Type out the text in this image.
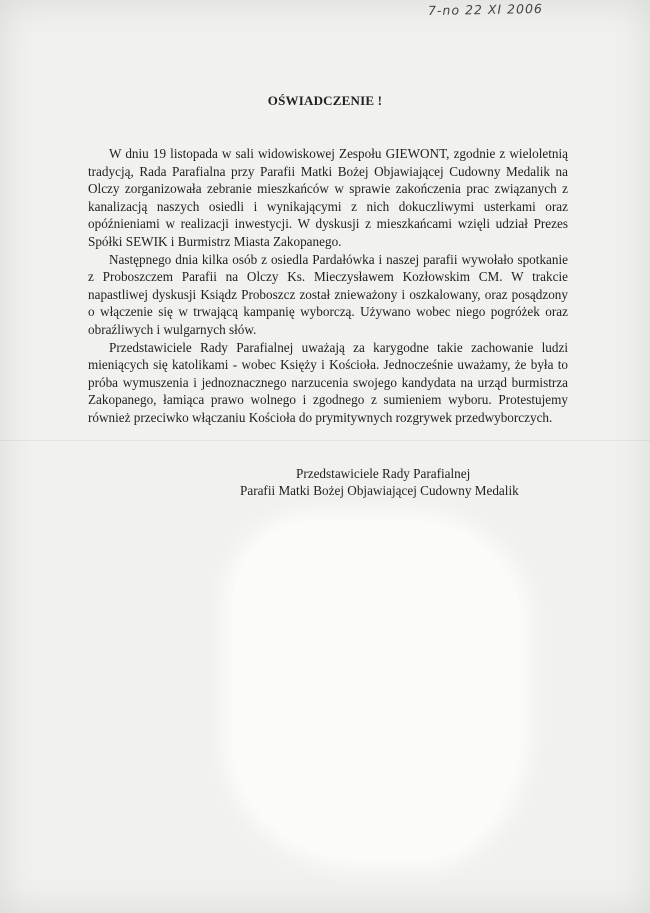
7-no 22 XI 2006
OŚWIADCZENIE !

W dniu 19 listopada w sali widowiskowej Zespołu GIEWONT, zgodnie z wieloletnią tradycją, Rada Parafialna przy Parafii Matki Bożej Objawiającej Cudowny Medalik na Olczy zorganizowała zebranie mieszkańców w sprawie zakończenia prac związanych z kanalizacją naszych osiedli i wynikającymi z nich dokuczliwymi usterkami oraz opóźnieniami w realizacji inwestycji. W dyskusji z mieszkańcami wzięli udział Prezes Spółki SEWIK i Burmistrz Miasta Zakopanego.

Następnego dnia kilka osób z osiedla Pardałówka i naszej parafii wywołało spotkanie z Proboszczem Parafii na Olczy Ks. Mieczysławem Kozłowskim CM. W trakcie napastliwej dyskusji Ksiądz Proboszcz został znieważony i oszkalowany, oraz posądzony o włączenie się w trwającą kampanię wyborczą. Używano wobec niego pogróżek oraz obraźliwych i wulgarnych słów.

Przedstawiciele Rady Parafialnej uważają za karygodne takie zachowanie ludzi mieniących się katolikami - wobec Księży i Kościoła. Jednocześnie uważamy, że była to próba wymuszenia i jednoznacznego narzucenia swojego kandydata na urząd burmistrza Zakopanego, łamiąca prawo wolnego i zgodnego z sumieniem wyboru. Protestujemy również przeciwko włączaniu Kościoła do prymitywnych rozgrywek przedwyborczych.

Przedstawiciele Rady Parafialnej
Parafii Matki Bożej Objawiającej Cudowny Medalik
